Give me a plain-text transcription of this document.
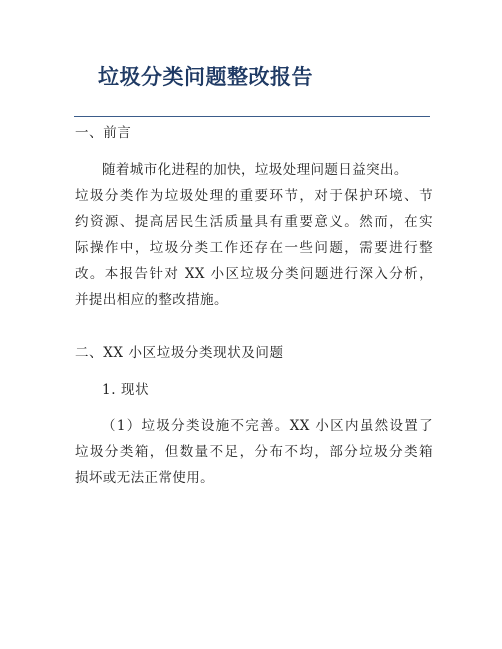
垃圾分类问题整改报告

一、前言

随着城市化进程的加快，垃圾处理问题日益突出。
垃圾分类作为垃圾处理的重要环节，对于保护环境、节
约资源、提高居民生活质量具有重要意义。然而，在实
际操作中，垃圾分类工作还存在一些问题，需要进行整
改。本报告针对 XX 小区垃圾分类问题进行深入分析，
并提出相应的整改措施。

二、XX 小区垃圾分类现状及问题

1. 现状

（1）垃圾分类设施不完善。XX 小区内虽然设置了
垃圾分类箱，但数量不足，分布不均，部分垃圾分类箱
损坏或无法正常使用。
